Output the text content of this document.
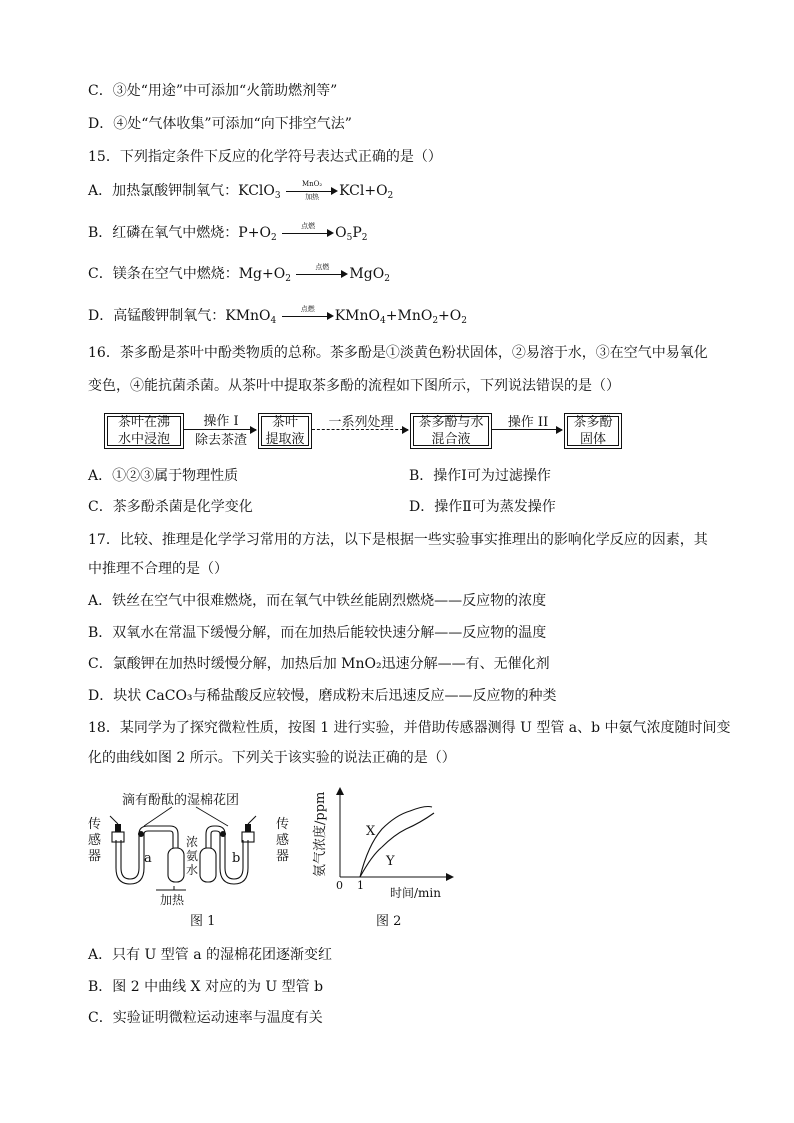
C．③处“用途”中可添加“火箭助燃剂等”
D．④处“气体收集”可添加“向下排空气法”
15．下列指定条件下反应的化学符号表达式正确的是（）
A．加热氯酸钾制氧气：KClO$_3$
MnO₂
加热	$KCl+O_2$
B．红磷在氧气中燃烧：$P+O_2$
点燃	$O_5P_2$
C．镁条在空气中燃烧：$Mg+O_2$
点燃	MgO$_2$
D．高锰酸钾制氧气：KMnO$_4$
点燃	$KMnO_4+MnO_2+O_2$
16．茶多酚是茶叶中酚类物质的总称。茶多酚是①淡黄色粉状固体，②易溶于水，③在空气中易氧化
变色，④能抗菌杀菌。从茶叶中提取茶多酚的流程如下图所示，下列说法错误的是（）
茶叶在沸
水中浸泡
操作 I
除去茶渣
茶叶
提取液
一系列处理	茶多酚与水
混合液
操作 II	茶多酚
固体
A．①②③属于物理性质	B．操作Ⅰ可为过滤操作
C．茶多酚杀菌是化学变化	D．操作Ⅱ可为蒸发操作
17．比较、推理是化学学习常用的方法，以下是根据一些实验事实推理出的影响化学反应的因素，其
中推理不合理的是（）
A．铁丝在空气中很难燃烧，而在氧气中铁丝能剧烈燃烧——反应物的浓度
B．双氧水在常温下缓慢分解，而在加热后能较快速分解——反应物的温度
C．氯酸钾在加热时缓慢分解，加热后加 MnO₂迅速分解——有、无催化剂
D．块状 CaCO₃与稀盐酸反应较慢，磨成粉末后迅速反应——反应物的种类
18．某同学为了探究微粒性质，按图 1 进行实验，并借助传感器测得 U 型管 a、b 中氨气浓度随时间变
化的曲线如图 2 所示。下列关于该实验的说法正确的是（）
滴有酚酞的湿棉花团
传
感
器
传
感
器
a	b
浓
氨
水
加热
图 1
氨气浓度/ppm	X
Y
0 1
时间/min
图 2
A．只有 U 型管 a 的湿棉花团逐渐变红
B．图 2 中曲线 X 对应的为 U 型管 b
C．实验证明微粒运动速率与温度有关
